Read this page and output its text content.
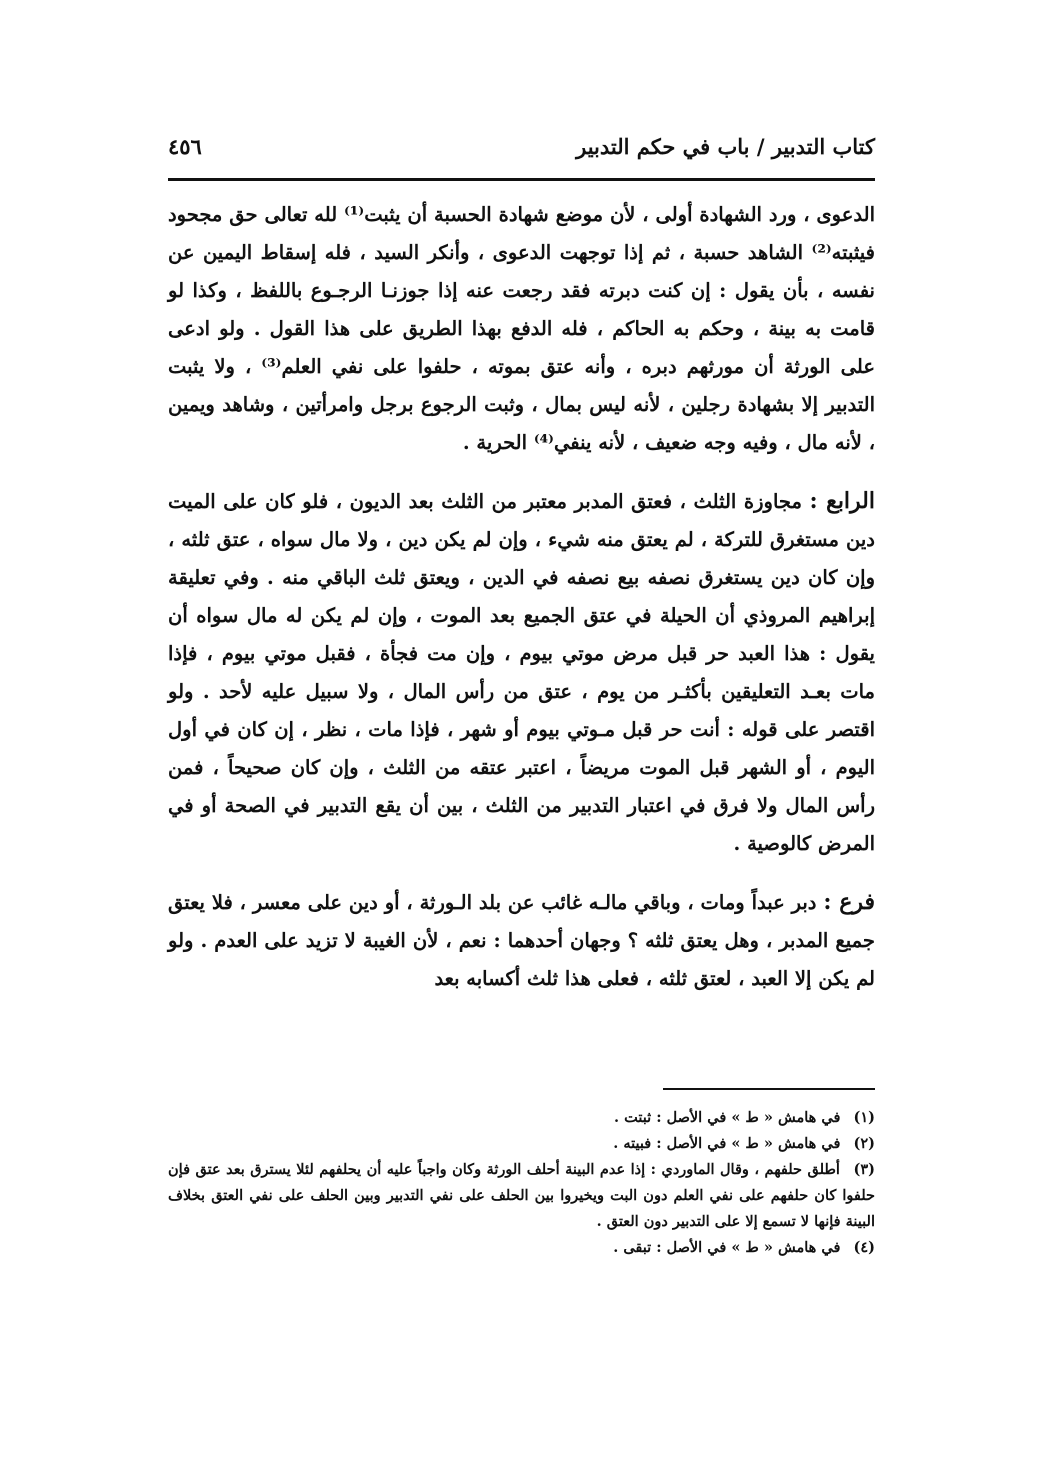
كتاب التدبير / باب في حكم التدبير
٤٥٦

الدعوى ، ورد الشهادة أولى ، لأن موضع شهادة الحسبة أن يثبت⁽¹⁾ لله تعالى حق مجحود فيثبته⁽²⁾ الشاهد حسبة ، ثم إذا توجهت الدعوى ، وأنكر السيد ، فله إسقاط اليمين عن نفسه ، بأن يقول : إن كنت دبرته فقد رجعت عنه إذا جوزنـا الرجـوع باللفظ ، وكذا لو قامت به بينة ، وحكم به الحاكم ، فله الدفع بهذا الطريق على هذا القول . ولو ادعى على الورثة أن مورثهم دبره ، وأنه عتق بموته ، حلفوا على نفي العلم⁽³⁾ ، ولا يثبت التدبير إلا بشهادة رجلين ، لأنه ليس بمال ، وثبت الرجوع برجل وامرأتين ، وشاهد ويمين ، لأنه مال ، وفيه وجه ضعيف ، لأنه ينفي⁽⁴⁾ الحرية .

الرابع : مجاوزة الثلث ، فعتق المدبر معتبر من الثلث بعد الديون ، فلو كان على الميت دين مستغرق للتركة ، لم يعتق منه شيء ، وإن لم يكن دين ، ولا مال سواه ، عتق ثلثه ، وإن كان دين يستغرق نصفه بيع نصفه في الدين ، ويعتق ثلث الباقي منه . وفي تعليقة إبراهيم المروذي أن الحيلة في عتق الجميع بعد الموت ، وإن لم يكن له مال سواه أن يقول : هذا العبد حر قبل مرض موتي بيوم ، وإن مت فجأة ، فقبل موتي بيوم ، فإذا مات بعـد التعليقين بأكثـر من يوم ، عتق من رأس المال ، ولا سبيل عليه لأحد . ولو اقتصر على قوله : أنت حر قبل مـوتي بيوم أو شهر ، فإذا مات ، نظر ، إن كان في أول اليوم ، أو الشهر قبل الموت مريضاً ، اعتبر عتقه من الثلث ، وإن كان صحيحاً ، فمن رأس المال ولا فرق في اعتبار التدبير من الثلث ، بين أن يقع التدبير في الصحة أو في المرض كالوصية .

فرع : دبر عبداً ومات ، وباقي مالـه غائب عن بلد الـورثة ، أو دين على معسر ، فلا يعتق جميع المدبر ، وهل يعتق ثلثه ؟ وجهان أحدهما : نعم ، لأن الغيبة لا تزيد على العدم . ولو لم يكن إلا العبد ، لعتق ثلثه ، فعلى هذا ثلث أكسابه بعد

(١) في هامش « ط » في الأصل : ثبتت .
(٢) في هامش « ط » في الأصل : فبيته .
(٣) أطلق حلفهم ، وقال الماوردي : إذا عدم البينة أحلف الورثة وكان واجباً عليه أن يحلفهم لئلا يسترق بعد عتق فإن حلفوا كان حلفهم على نفي العلم دون البت ويخيروا بين الحلف على نفي التدبير وبين الحلف على نفي العتق بخلاف البينة فإنها لا تسمع إلا على التدبير دون العتق .
(٤) في هامش « ط » في الأصل : تبقى .
